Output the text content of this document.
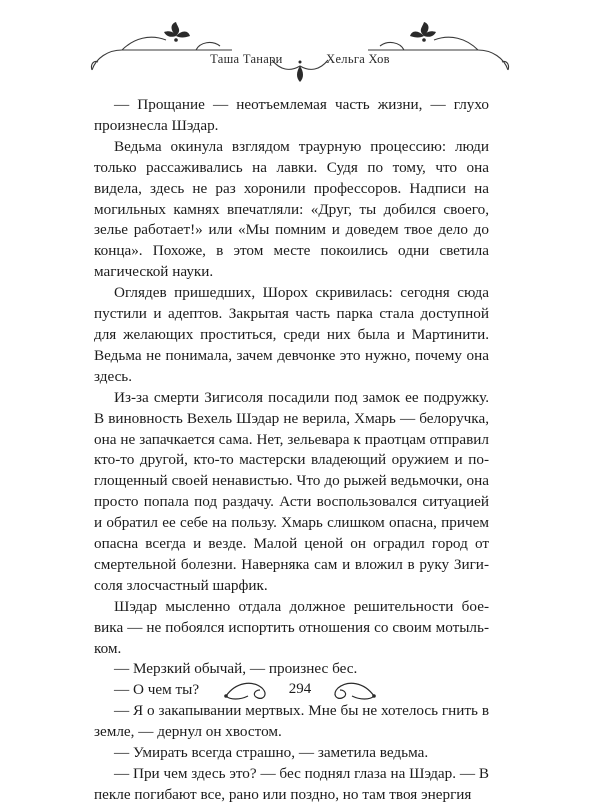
Таша Танари	Хельга Хов

— Прощание — неотъемлемая часть жизни, — глухо произнесла Шэдар.

Ведьма окинула взглядом траурную процессию: люди только рассаживались на лавки. Судя по тому, что она видела, здесь не раз хоронили профессоров. Надписи на могильных камнях впечатляли: «Друг, ты добился своего, зелье работает!» или «Мы помним и доведем твое дело до конца». Похоже, в этом месте покоились одни светила магической науки.

Оглядев пришедших, Шорох скривилась: сегодня сюда пустили и адептов. Закрытая часть парка стала доступной для желающих проститься, среди них была и Мартинити. Ведьма не понимала, зачем девчонке это нужно, почему она здесь.

Из-за смерти Зигисоля посадили под замок ее подружку. В виновность Вехель Шэдар не верила, Хмарь — белоручка, она не запачкается сама. Нет, зельевара к праотцам отправил кто-то другой, кто-то мастерски владеющий оружием и поглощенный своей ненавистью. Что до рыжей ведьмочки, она просто попала под раздачу. Асти воспользовался ситуацией и обратил ее себе на пользу. Хмарь слишком опасна, причем опасна всегда и везде. Малой ценой он оградил город от смертельной болезни. Наверняка сам и вложил в руку Зигисоля злосчастный шарфик.

Шэдар мысленно отдала должное решительности боевика — не побоялся испортить отношения со своим мотыльком.

— Мерзкий обычай, — произнес бес.

— О чем ты?

— Я о закапывании мертвых. Мне бы не хотелось гнить в земле, — дернул он хвостом.

— Умирать всегда страшно, — заметила ведьма.

— При чем здесь это? — бес поднял глаза на Шэдар. — В пекле погибают все, рано или поздно, но там твоя энергия

294
